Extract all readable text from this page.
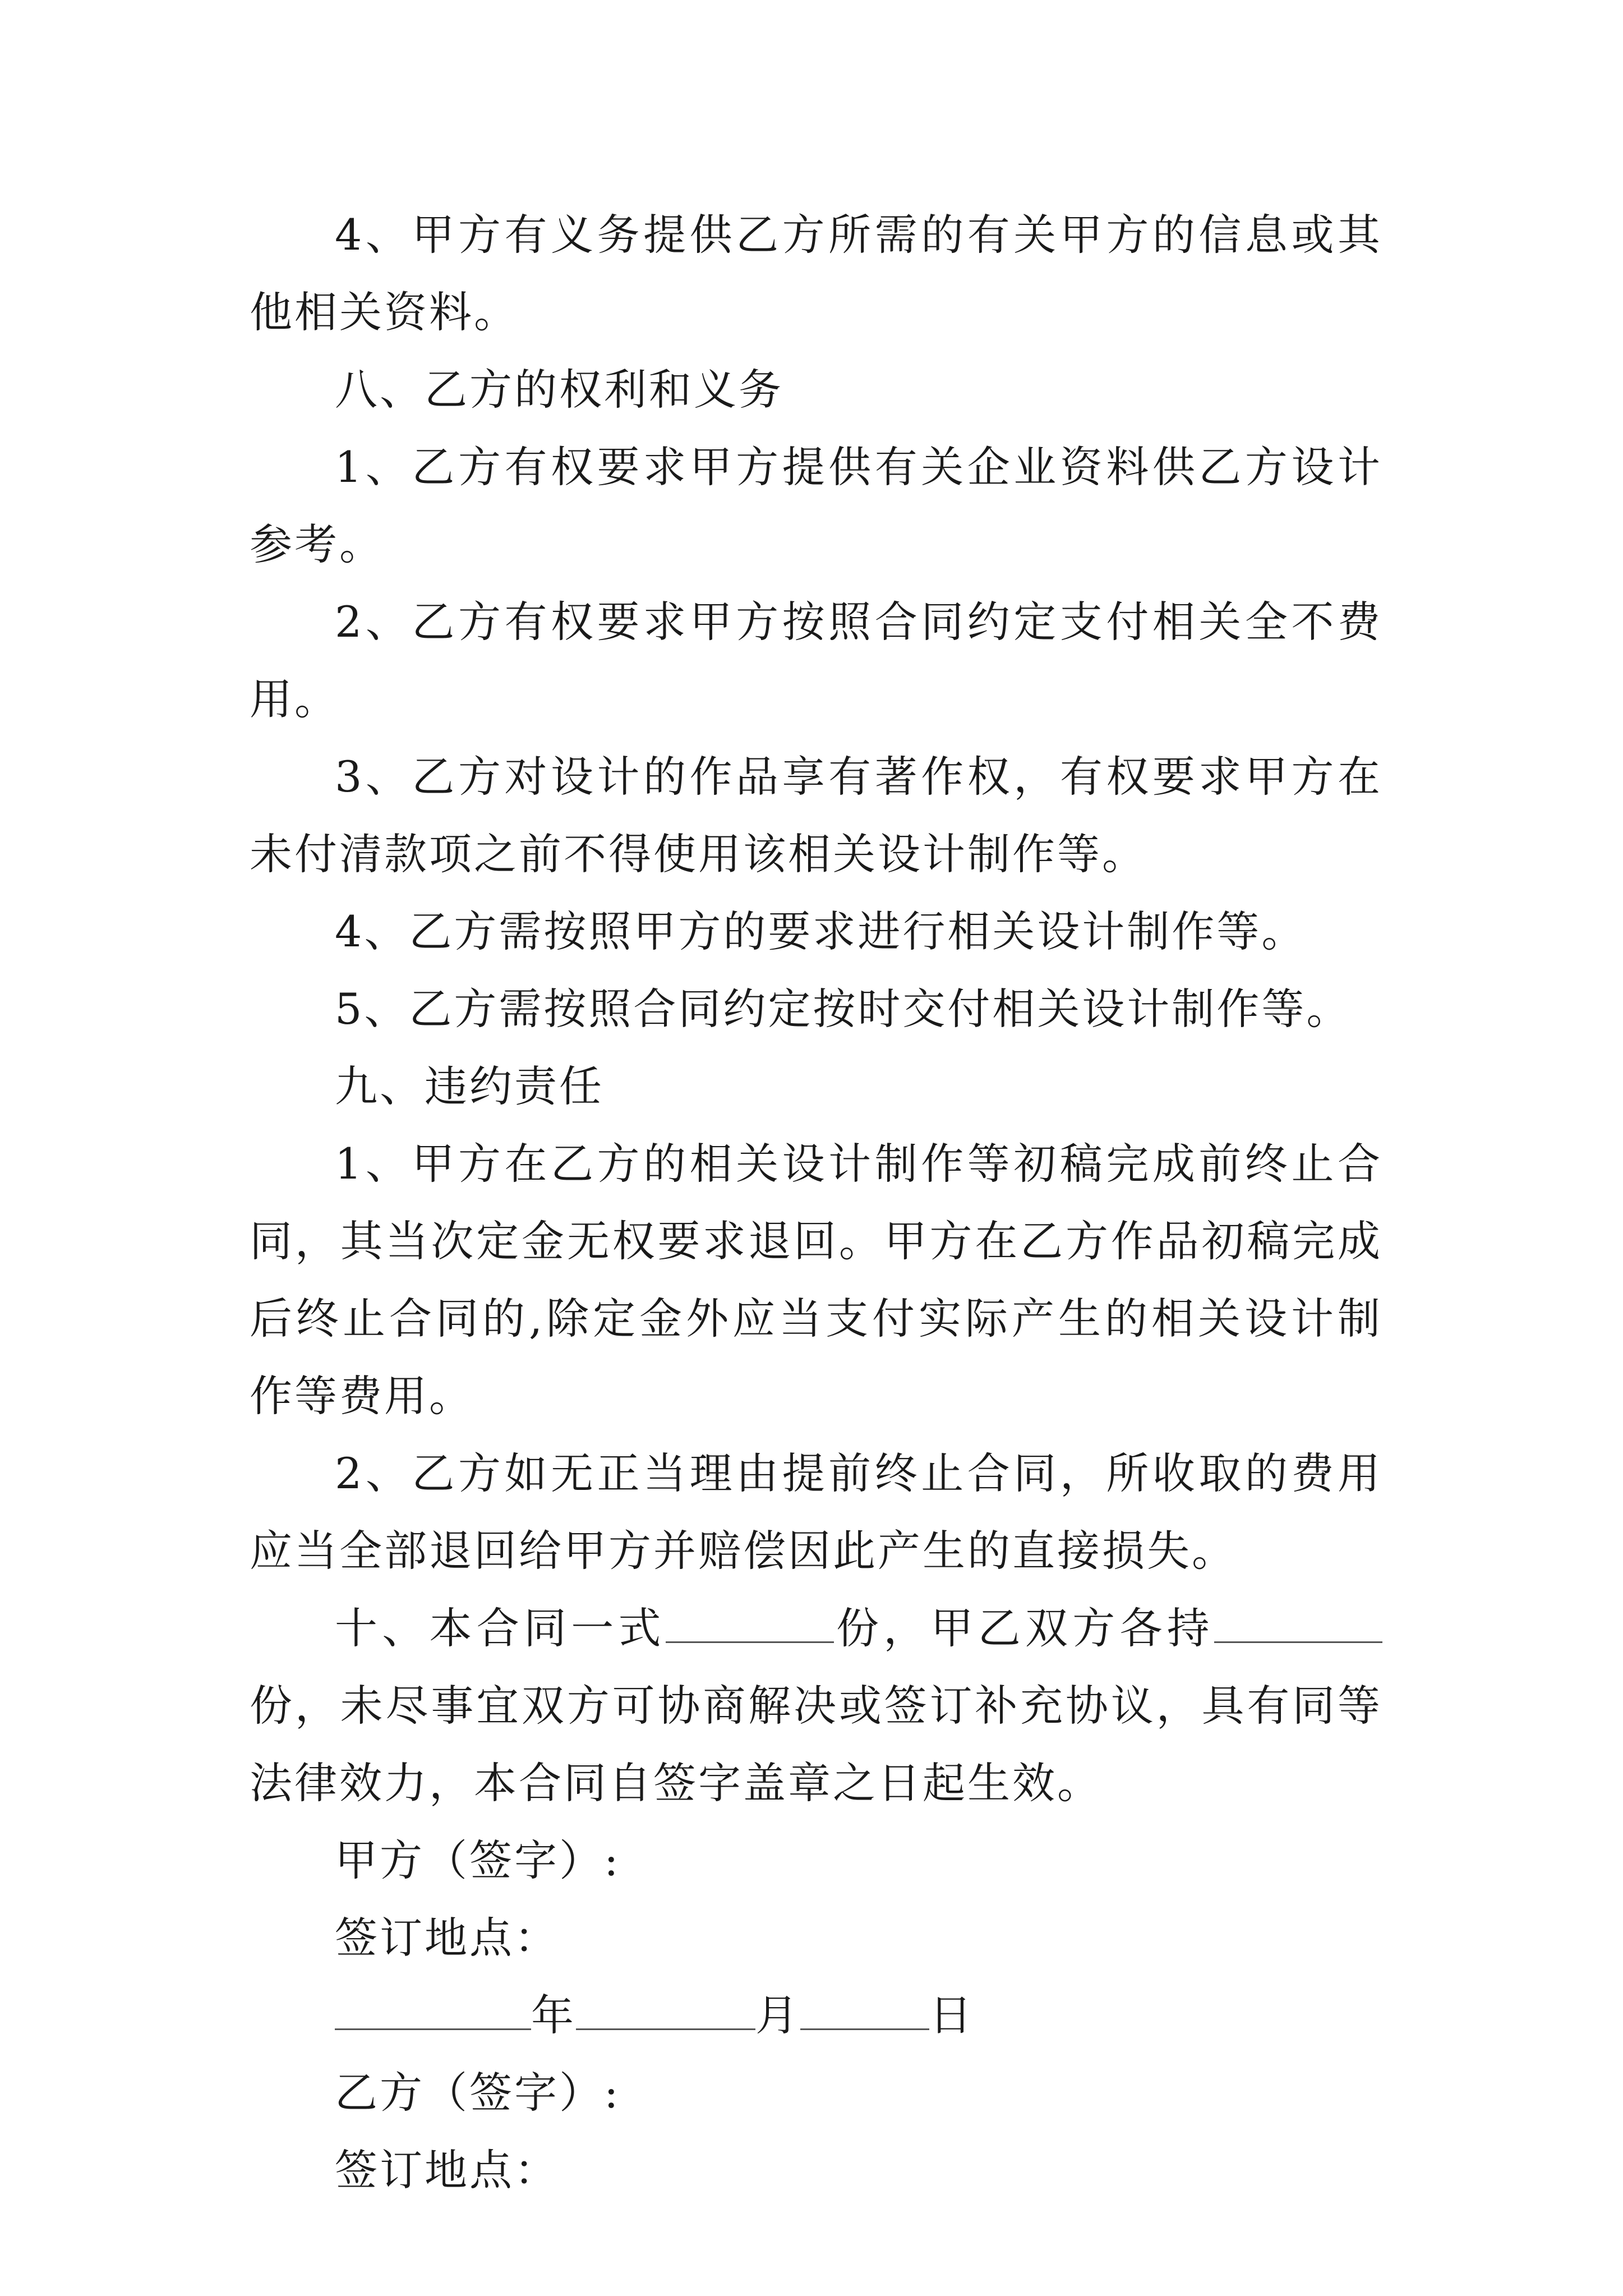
4、甲方有义务提供乙方所需的有关甲方的信息或其他相关资料。

八、乙方的权利和义务

1、乙方有权要求甲方提供有关企业资料供乙方设计参考。

2、乙方有权要求甲方按照合同约定支付相关全不费用。

3、乙方对设计的作品享有著作权，有权要求甲方在未付清款项之前不得使用该相关设计制作等。

4、乙方需按照甲方的要求进行相关设计制作等。

5、乙方需按照合同约定按时交付相关设计制作等。

九、违约责任

1、甲方在乙方的相关设计制作等初稿完成前终止合同，其当次定金无权要求退回。甲方在乙方作品初稿完成后终止合同的,除定金外应当支付实际产生的相关设计制作等费用。

2、乙方如无正当理由提前终止合同，所收取的费用应当全部退回给甲方并赔偿因此产生的直接损失。

十、本合同一式	份，甲乙双方各持份，未尽事宜双方可协商解决或签订补充协议，具有同等法律效力，本合同自签字盖章之日起生效。

甲方（签字）:
签订地点：
年	月	日
乙方（签字）:
签订地点：
